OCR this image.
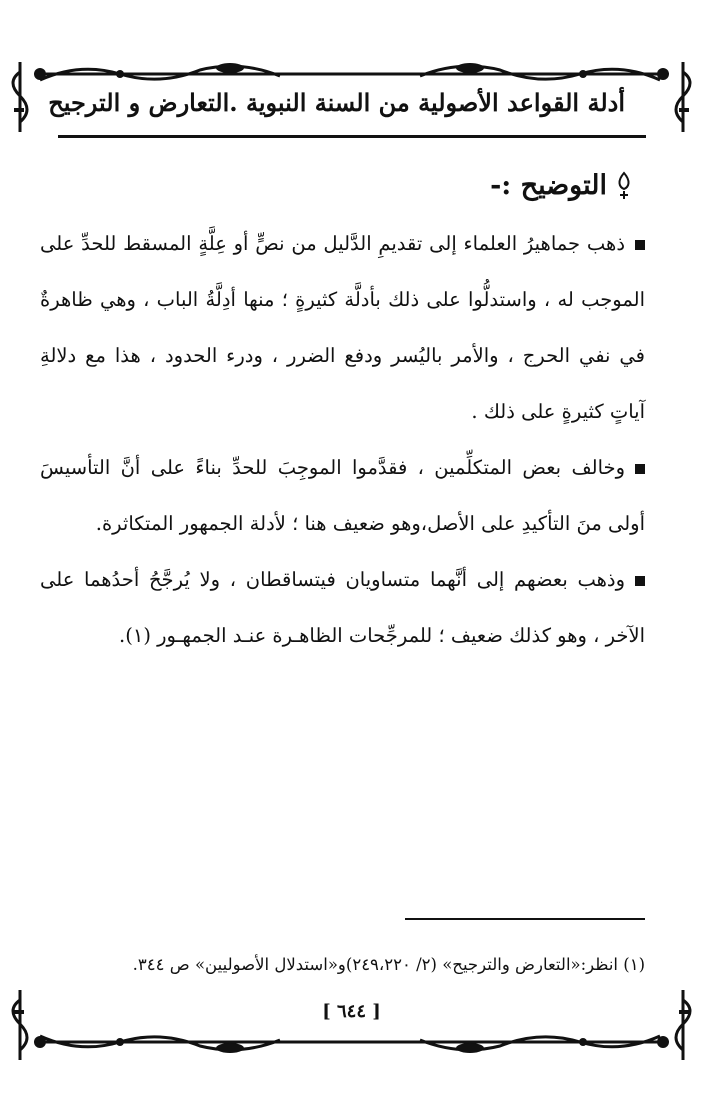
أدلة القواعد الأصولية من السنة النبوية .التعارض و الترجيح
التوضيح :-

ذهب جماهيرُ العلماء إلى تقديمِ الدَّليل من نصٍّ أو عِلَّةٍ المسقط للحدِّ على الموجب له ، واستدلُّوا على ذلك بأدلَّة كثيرةٍ ؛ منها أدِلَّةُ الباب ، وهي ظاهرةٌ في نفي الحرج ، والأمر باليُسر ودفع الضرر ، ودرء الحدود ، هذا مع دلالةِ آياتٍ كثيرةٍ على ذلك .

وخالف بعض المتكلِّمين ، فقدَّموا الموجِبَ للحدِّ بناءً على أنَّ التأسيسَ أولى منَ التأكيدِ على الأصل،وهو ضعيف هنا ؛ لأدلة الجمهور المتكاثرة.

وذهب بعضهم إلى أنَّهما متساويان فيتساقطان ، ولا يُرجَّحُ أحدُهما على الآخر ، وهو كذلك ضعيف ؛ للمرجِّحات الظاهـرة عنـد الجمهـور (١).

(١) انظر:«التعارض والترجيح» (٢/ ٢٤٩،٢٢٠)و«استدلال الأصوليين» ص ٣٤٤.
[ ٦٤٤ ]
